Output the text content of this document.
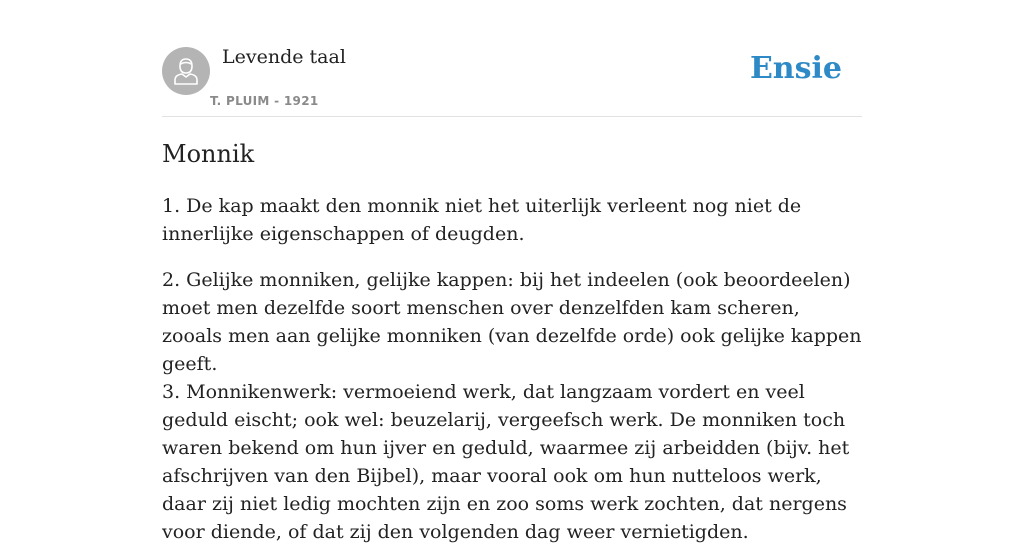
Levende taal
T. PLUIM - 1921
Ensie
Monnik

1. De kap maakt den monnik niet het uiterlijk verleent nog niet de innerlijke eigenschappen of deugden.

2. Gelijke monniken, gelijke kappen: bij het indeelen (ook beoordeelen) moet men dezelfde soort menschen over denzelfden kam scheren, zooals men aan gelijke monniken (van dezelfde orde) ook gelijke kappen geeft.
3. Monnikenwerk: vermoeiend werk, dat langzaam vordert en veel geduld eischt; ook wel: beuzelarij, vergeefsch werk. De monniken toch waren bekend om hun ijver en geduld, waarmee zij arbeidden (bijv. het afschrijven van den Bijbel), maar vooral ook om hun nutteloos werk, daar zij niet ledig mochten zijn en zoo soms werk zochten, dat nergens voor diende, of dat zij den volgenden dag weer vernietigden.
